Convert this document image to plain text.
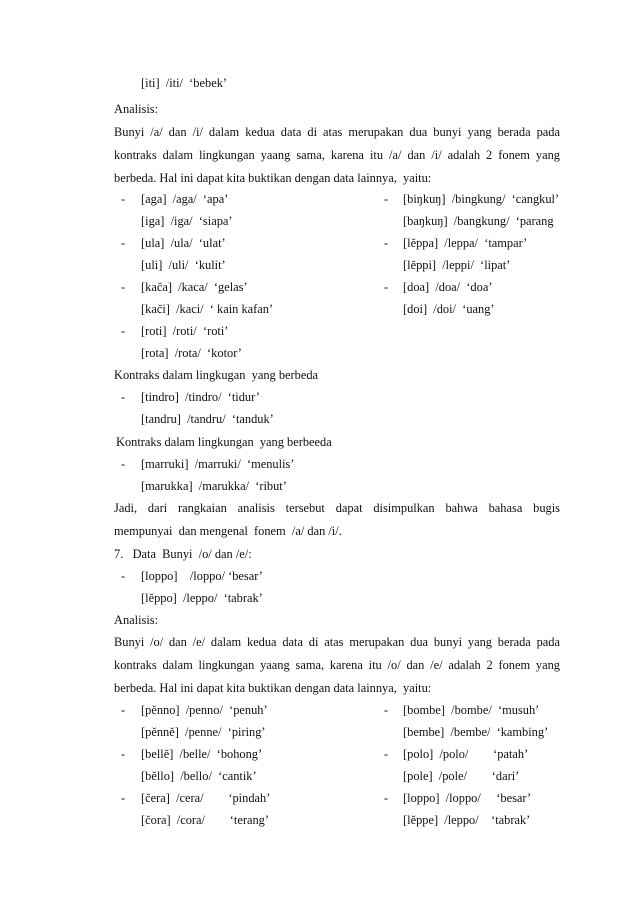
[iti]  /iti/  ‘bebek’
Analisis:
Bunyi /a/ dan /i/ dalam kedua data di atas merupakan dua bunyi yang berada pada
kontraks dalam lingkungan yaang sama, karena itu /a/ dan /i/ adalah 2 fonem yang
berbeda. Hal ini dapat kita buktikan dengan data lainnya,  yaitu:
- [aga]  /aga/  ‘apa’
[iga]  /iga/  ‘siapa’
- [ula]  /ula/  ‘ulat’
[uli]  /uli/  ‘kulit’
- [kača]  /kaca/  ‘gelas’
[kači]  /kaci/  ‘ kain kafan’
- [roti]  /roti/  ‘roti’
[rota]  /rota/  ‘kotor’
- [biŋkuŋ]  /bingkung/  ‘cangkul’
[baŋkuŋ]  /bangkung/  ‘parang
- [lěppa]  /leppa/  ‘tampar’
[lěppi]  /leppi/  ‘lipat’
- [doa]  /doa/  ‘doa’
[doi]  /doi/  ‘uang’
Kontraks dalam lingkugan  yang berbeda
- [tindro]  /tindro/  ‘tidur’
[tandru]  /tandru/  ‘tanduk’
Kontraks dalam lingkungan  yang berbeeda
- [marruki]  /marruki/  ‘menulis’
[marukka]  /marukka/  ‘ribut’
Jadi, dari rangkaian analisis tersebut dapat disimpulkan bahwa bahasa bugis
mempunyai  dan mengenal  fonem  /a/ dan /i/.
7.   Data  Bunyi  /o/ dan /e/:
- [loppo]    /loppo/ ‘besar’
[lěppo]  /leppo/  ‘tabrak’
Analisis:
Bunyi /o/ dan /e/ dalam kedua data di atas merupakan dua bunyi yang berada pada
kontraks dalam lingkungan yaang sama, karena itu /o/ dan /e/ adalah 2 fonem yang
berbeda. Hal ini dapat kita buktikan dengan data lainnya,  yaitu:
- [pěnno]  /penno/  ‘penuh’
[pěnně]  /penne/  ‘piring’
- [bellě]  /belle/  ‘bohong’
[běllo]  /bello/  ‘cantik’
- [čera]  /cera/        ‘pindah’
[čora]  /cora/        ‘terang’
- [bombe]  /bombe/  ‘musuh’
[bembe]  /bembe/  ‘kambing’
- [polo]  /polo/        ‘patah’
[pole]  /pole/        ‘dari’
- [loppo]  /loppo/     ‘besar’
[lěppe]  /leppo/    ‘tabrak’
